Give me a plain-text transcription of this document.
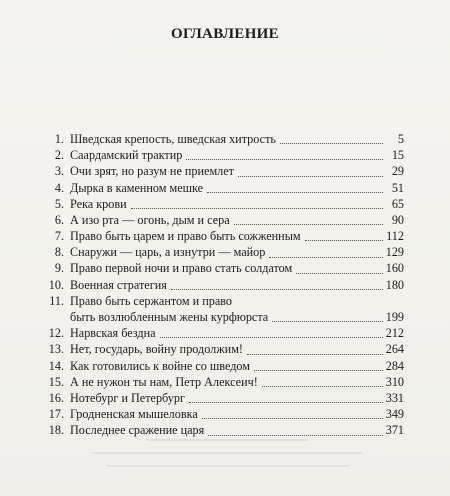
ОГЛАВЛЕНИЕ
1. Шведская крепость, шведская хитрость	5
2. Саардамский трактир	15
3. Очи зрят, но разум не приемлет	29
4. Дырка в каменном мешке	51
5. Река крови	65
6. А изо рта — огонь, дым и сера	90
7. Право быть царем и право быть сожженным	112
8. Снаружи — царь, а изнутри — майор	129
9. Право первой ночи и право стать солдатом	160
10. Военная стратегия	180
11. Право быть сержантом и право
быть возлюбленным жены курфюрста	199
12. Нарвская бездна	212
13. Нет, государь, войну продолжим!	264
14. Как готовились к войне со шведом	284
15. А не нужон ты нам, Петр Алексеич!	310
16. Нотебург и Петербург	331
17. Гродненская мышеловка	349
18. Последнее сражение царя	371
